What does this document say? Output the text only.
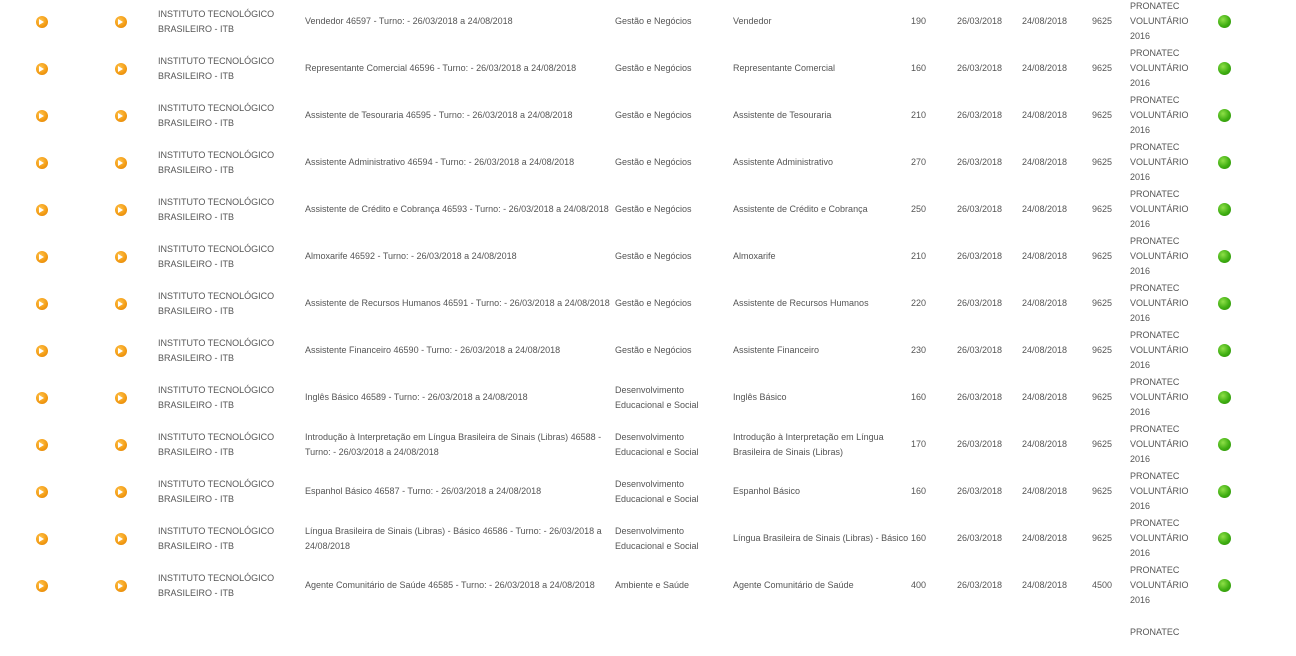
		INSTITUTO TECNOLÓGICO
BRASILEIRO - ITB	Vendedor 46597 - Turno: - 26/03/2018 a 24/08/2018	Gestão e Negócios	Vendedor	190	26/03/2018	24/08/2018	9625	PRONATEC
VOLUNTÁRIO
2016	

		INSTITUTO TECNOLÓGICO
BRASILEIRO - ITB	Representante Comercial 46596 - Turno: - 26/03/2018 a 24/08/2018	Gestão e Negócios	Representante Comercial	160	26/03/2018	24/08/2018	9625	PRONATEC
VOLUNTÁRIO
2016	

		INSTITUTO TECNOLÓGICO
BRASILEIRO - ITB	Assistente de Tesouraria 46595 - Turno: - 26/03/2018 a 24/08/2018	Gestão e Negócios	Assistente de Tesouraria	210	26/03/2018	24/08/2018	9625	PRONATEC
VOLUNTÁRIO
2016	

		INSTITUTO TECNOLÓGICO
BRASILEIRO - ITB	Assistente Administrativo 46594 - Turno: - 26/03/2018 a 24/08/2018	Gestão e Negócios	Assistente Administrativo	270	26/03/2018	24/08/2018	9625	PRONATEC
VOLUNTÁRIO
2016	

		INSTITUTO TECNOLÓGICO
BRASILEIRO - ITB	Assistente de Crédito e Cobrança 46593 - Turno: - 26/03/2018 a 24/08/2018	Gestão e Negócios	Assistente de Crédito e Cobrança	250	26/03/2018	24/08/2018	9625	PRONATEC
VOLUNTÁRIO
2016	

		INSTITUTO TECNOLÓGICO
BRASILEIRO - ITB	Almoxarife 46592 - Turno: - 26/03/2018 a 24/08/2018	Gestão e Negócios	Almoxarife	210	26/03/2018	24/08/2018	9625	PRONATEC
VOLUNTÁRIO
2016	

		INSTITUTO TECNOLÓGICO
BRASILEIRO - ITB	Assistente de Recursos Humanos 46591 - Turno: - 26/03/2018 a 24/08/2018	Gestão e Negócios	Assistente de Recursos Humanos	220	26/03/2018	24/08/2018	9625	PRONATEC
VOLUNTÁRIO
2016	

		INSTITUTO TECNOLÓGICO
BRASILEIRO - ITB	Assistente Financeiro 46590 - Turno: - 26/03/2018 a 24/08/2018	Gestão e Negócios	Assistente Financeiro	230	26/03/2018	24/08/2018	9625	PRONATEC
VOLUNTÁRIO
2016	

		INSTITUTO TECNOLÓGICO
BRASILEIRO - ITB	Inglês Básico 46589 - Turno: - 26/03/2018 a 24/08/2018	Desenvolvimento Educacional e Social	Inglês Básico	160	26/03/2018	24/08/2018	9625	PRONATEC
VOLUNTÁRIO
2016	

		INSTITUTO TECNOLÓGICO
BRASILEIRO - ITB	Introdução à Interpretação em Língua Brasileira de Sinais (Libras) 46588 - Turno: - 26/03/2018 a 24/08/2018	Desenvolvimento Educacional e Social	Introdução à Interpretação em Língua Brasileira de Sinais (Libras)	170	26/03/2018	24/08/2018	9625	PRONATEC
VOLUNTÁRIO
2016	

		INSTITUTO TECNOLÓGICO
BRASILEIRO - ITB	Espanhol Básico 46587 - Turno: - 26/03/2018 a 24/08/2018	Desenvolvimento Educacional e Social	Espanhol Básico	160	26/03/2018	24/08/2018	9625	PRONATEC
VOLUNTÁRIO
2016	

		INSTITUTO TECNOLÓGICO
BRASILEIRO - ITB	Língua Brasileira de Sinais (Libras) - Básico 46586 - Turno: - 26/03/2018 a 24/08/2018	Desenvolvimento Educacional e Social	Língua Brasileira de Sinais (Libras) - Básico	160	26/03/2018	24/08/2018	9625	PRONATEC
VOLUNTÁRIO
2016	

		INSTITUTO TECNOLÓGICO
BRASILEIRO - ITB	Agente Comunitário de Saúde 46585 - Turno: - 26/03/2018 a 24/08/2018	Ambiente e Saúde	Agente Comunitário de Saúde	400	26/03/2018	24/08/2018	4500	PRONATEC
VOLUNTÁRIO
2016	

										PRONATEC	
